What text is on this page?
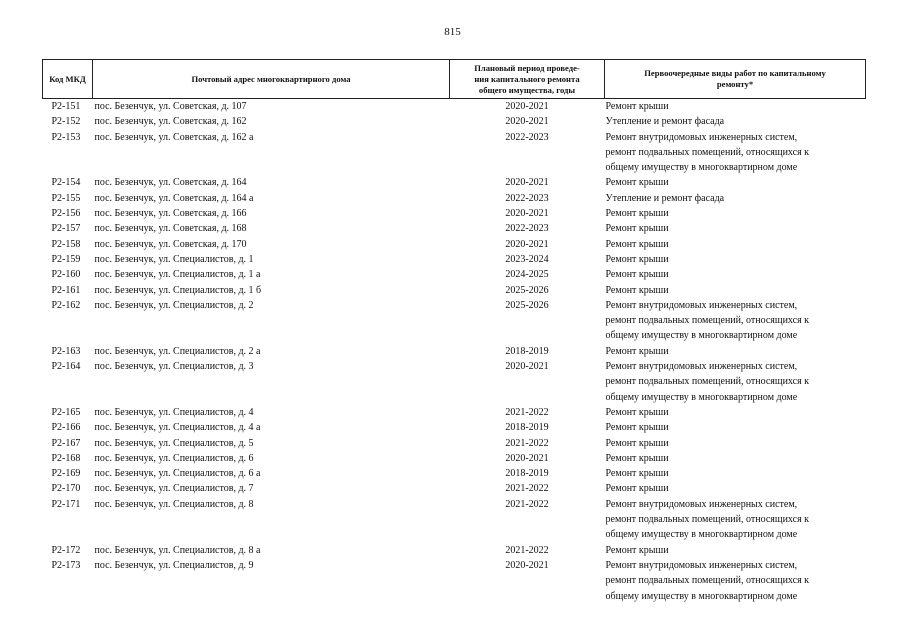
815
Код МКД	Почтовый адрес многоквартирного дома	Плановый период проведе-
ния капитального ремонта
общего имущества, годы	Первоочередные виды работ по капитальному
ремонту*
Р2-151	пос. Безенчук, ул. Советская, д. 107	2020-2021	Ремонт крыши

Р2-152	пос. Безенчук, ул. Советская, д. 162	2020-2021	Утепление и ремонт фасада

Р2-153	пос. Безенчук, ул. Советская, д. 162 а	2022-2023	Ремонт внутридомовых инженерных систем,
ремонт подвальных помещений, относящихся к
общему имуществу в многоквартирном доме

Р2-154	пос. Безенчук, ул. Советская, д. 164	2020-2021	Ремонт крыши

Р2-155	пос. Безенчук, ул. Советская, д. 164 а	2022-2023	Утепление и ремонт фасада

Р2-156	пос. Безенчук, ул. Советская, д. 166	2020-2021	Ремонт крыши

Р2-157	пос. Безенчук, ул. Советская, д. 168	2022-2023	Ремонт крыши

Р2-158	пос. Безенчук, ул. Советская, д. 170	2020-2021	Ремонт крыши

Р2-159	пос. Безенчук, ул. Специалистов, д. 1	2023-2024	Ремонт крыши

Р2-160	пос. Безенчук, ул. Специалистов, д. 1 а	2024-2025	Ремонт крыши

Р2-161	пос. Безенчук, ул. Специалистов, д. 1 б	2025-2026	Ремонт крыши

Р2-162	пос. Безенчук, ул. Специалистов, д. 2	2025-2026	Ремонт внутридомовых инженерных систем,
ремонт подвальных помещений, относящихся к
общему имуществу в многоквартирном доме

Р2-163	пос. Безенчук, ул. Специалистов, д. 2 а	2018-2019	Ремонт крыши

Р2-164	пос. Безенчук, ул. Специалистов, д. 3	2020-2021	Ремонт внутридомовых инженерных систем,
ремонт подвальных помещений, относящихся к
общему имуществу в многоквартирном доме

Р2-165	пос. Безенчук, ул. Специалистов, д. 4	2021-2022	Ремонт крыши

Р2-166	пос. Безенчук, ул. Специалистов, д. 4 а	2018-2019	Ремонт крыши

Р2-167	пос. Безенчук, ул. Специалистов, д. 5	2021-2022	Ремонт крыши

Р2-168	пос. Безенчук, ул. Специалистов, д. 6	2020-2021	Ремонт крыши

Р2-169	пос. Безенчук, ул. Специалистов, д. 6 а	2018-2019	Ремонт крыши

Р2-170	пос. Безенчук, ул. Специалистов, д. 7	2021-2022	Ремонт крыши

Р2-171	пос. Безенчук, ул. Специалистов, д. 8	2021-2022	Ремонт внутридомовых инженерных систем,
ремонт подвальных помещений, относящихся к
общему имуществу в многоквартирном доме

Р2-172	пос. Безенчук, ул. Специалистов, д. 8 а	2021-2022	Ремонт крыши

Р2-173	пос. Безенчук, ул. Специалистов, д. 9	2020-2021	Ремонт внутридомовых инженерных систем,
ремонт подвальных помещений, относящихся к
общему имуществу в многоквартирном доме
